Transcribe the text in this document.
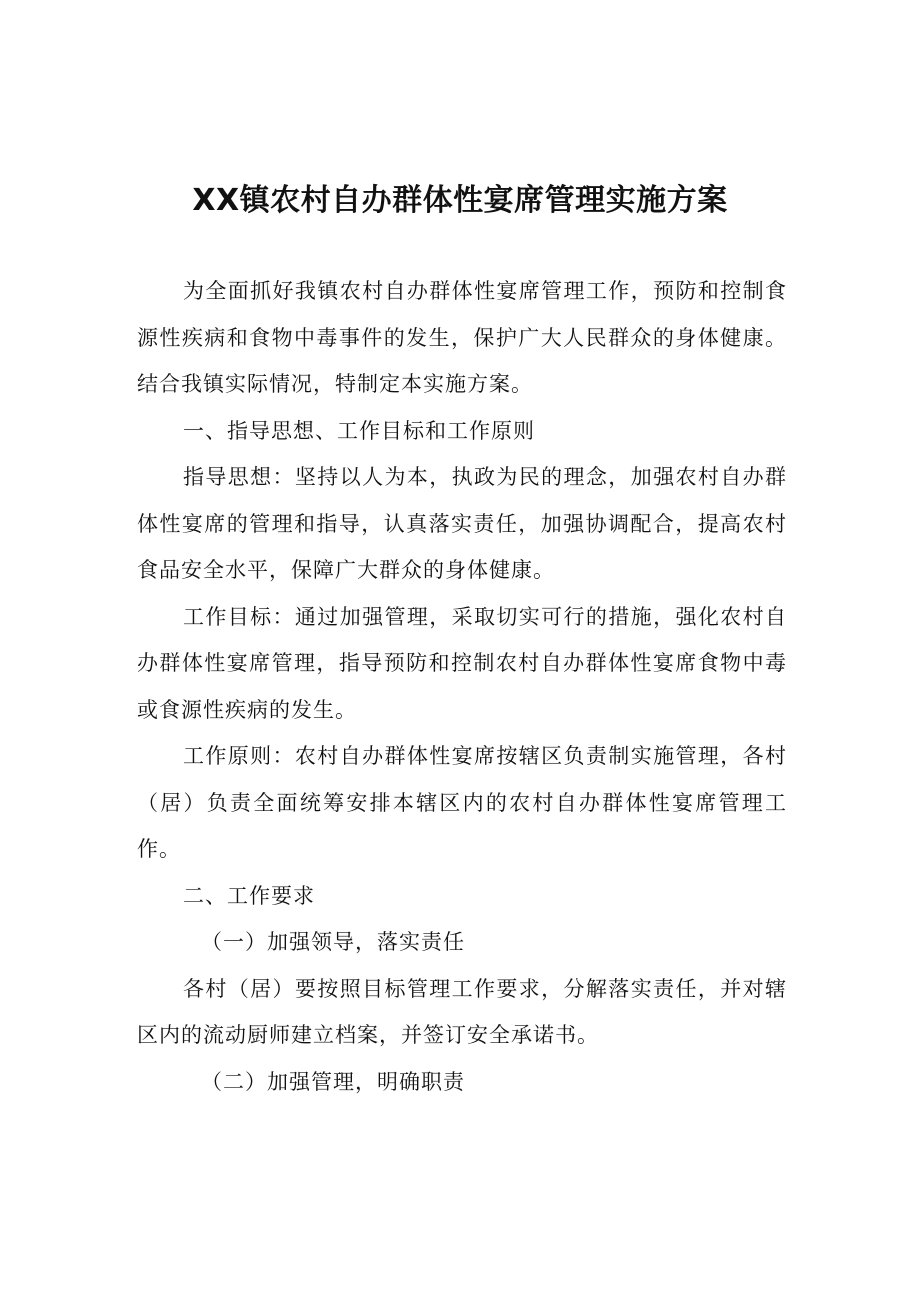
XX镇农村自办群体性宴席管理实施方案

为全面抓好我镇农村自办群体性宴席管理工作，预防和控制食源性疾病和食物中毒事件的发生，保护广大人民群众的身体健康。结合我镇实际情况，特制定本实施方案。

一、指导思想、工作目标和工作原则

指导思想：坚持以人为本，执政为民的理念，加强农村自办群体性宴席的管理和指导，认真落实责任，加强协调配合，提高农村食品安全水平，保障广大群众的身体健康。

工作目标：通过加强管理，采取切实可行的措施，强化农村自办群体性宴席管理，指导预防和控制农村自办群体性宴席食物中毒或食源性疾病的发生。

工作原则：农村自办群体性宴席按辖区负责制实施管理，各村（居）负责全面统筹安排本辖区内的农村自办群体性宴席管理工作。

二、工作要求

（一）加强领导，落实责任

各村（居）要按照目标管理工作要求，分解落实责任，并对辖区内的流动厨师建立档案，并签订安全承诺书。

（二）加强管理，明确职责
